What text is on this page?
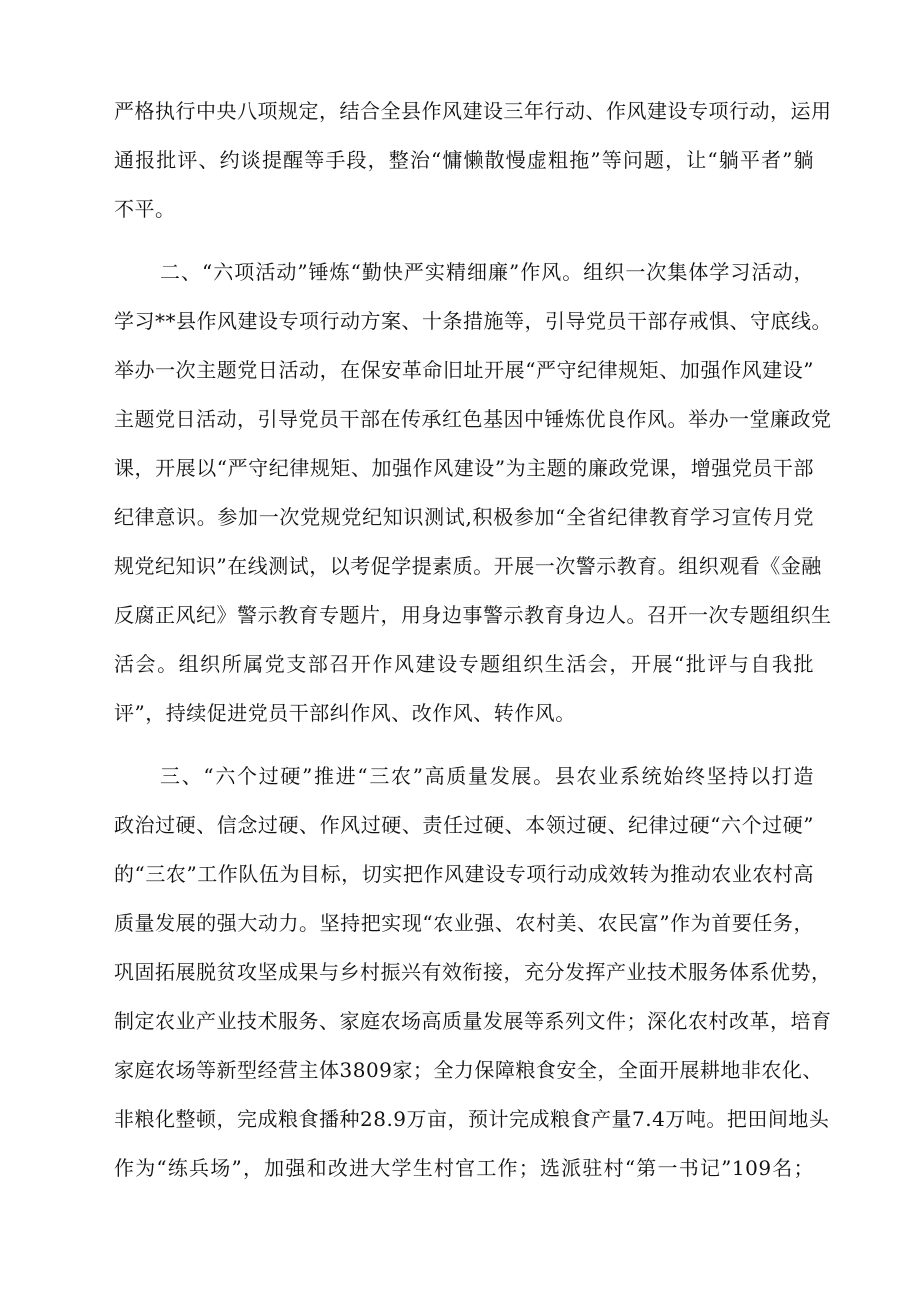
严格执行中央八项规定，结合全县作风建设三年行动、作风建设专项行动，运用
通报批评、约谈提醒等手段，整治“慵懒散慢虚粗拖”等问题，让“躺平者”躺
不平。
二、“六项活动”锤炼“勤快严实精细廉”作风。组织一次集体学习活动，
学习**县作风建设专项行动方案、十条措施等，引导党员干部存戒惧、守底线。
举办一次主题党日活动，在保安革命旧址开展“严守纪律规矩、加强作风建设”
主题党日活动，引导党员干部在传承红色基因中锤炼优良作风。举办一堂廉政党
课，开展以“严守纪律规矩、加强作风建设”为主题的廉政党课，增强党员干部
纪律意识。参加一次党规党纪知识测试,积极参加“全省纪律教育学习宣传月党
规党纪知识”在线测试，以考促学提素质。开展一次警示教育。组织观看《金融
反腐正风纪》警示教育专题片，用身边事警示教育身边人。召开一次专题组织生
活会。组织所属党支部召开作风建设专题组织生活会，开展“批评与自我批
评”，持续促进党员干部纠作风、改作风、转作风。
三、“六个过硬”推进“三农”高质量发展。县农业系统始终坚持以打造
政治过硬、信念过硬、作风过硬、责任过硬、本领过硬、纪律过硬“六个过硬”
的“三农”工作队伍为目标，切实把作风建设专项行动成效转为推动农业农村高
质量发展的强大动力。坚持把实现“农业强、农村美、农民富”作为首要任务，
巩固拓展脱贫攻坚成果与乡村振兴有效衔接，充分发挥产业技术服务体系优势，
制定农业产业技术服务、家庭农场高质量发展等系列文件；深化农村改革，培育
家庭农场等新型经营主体3809家；全力保障粮食安全，全面开展耕地非农化、
非粮化整顿，完成粮食播种28.9万亩，预计完成粮食产量7.4万吨。把田间地头
作为“练兵场”，加强和改进大学生村官工作；选派驻村“第一书记”109名；
